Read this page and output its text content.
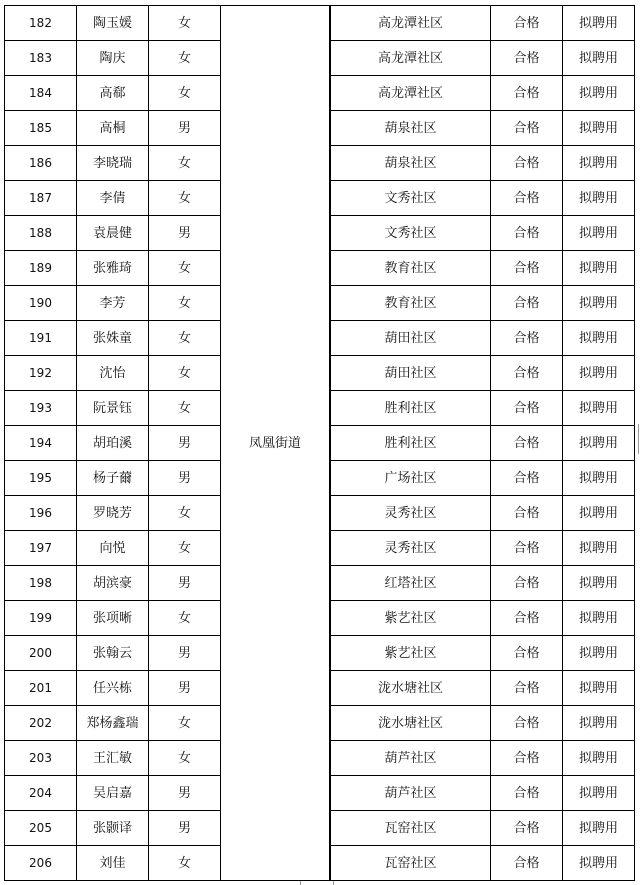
182	陶玉媛	女	凤凰街道		高龙潭社区	合格	拟聘用
183	陶庆	女		高龙潭社区	合格	拟聘用
184	高郗	女		高龙潭社区	合格	拟聘用
185	高桐	男		葫泉社区	合格	拟聘用
186	李晓瑞	女		葫泉社区	合格	拟聘用
187	李倩	女		文秀社区	合格	拟聘用
188	袁晨健	男		文秀社区	合格	拟聘用
189	张雅琦	女		教育社区	合格	拟聘用
190	李芳	女		教育社区	合格	拟聘用
191	张姝童	女		葫田社区	合格	拟聘用
192	沈怡	女		葫田社区	合格	拟聘用
193	阮景钰	女		胜利社区	合格	拟聘用
194	胡珀溪	男		胜利社区	合格	拟聘用
195	杨子薾	男		广场社区	合格	拟聘用
196	罗晓芳	女		灵秀社区	合格	拟聘用
197	向悦	女		灵秀社区	合格	拟聘用
198	胡滨豪	男		红塔社区	合格	拟聘用
199	张项晰	女		紫艺社区	合格	拟聘用
200	张翰云	男		紫艺社区	合格	拟聘用
201	任兴栋	男		泷水塘社区	合格	拟聘用
202	郑杨鑫瑞	女		泷水塘社区	合格	拟聘用
203	王汇敏	女		葫芦社区	合格	拟聘用
204	吴启嘉	男		葫芦社区	合格	拟聘用
205	张颢译	男		瓦窑社区	合格	拟聘用
206	刘佳	女		瓦窑社区	合格	拟聘用
